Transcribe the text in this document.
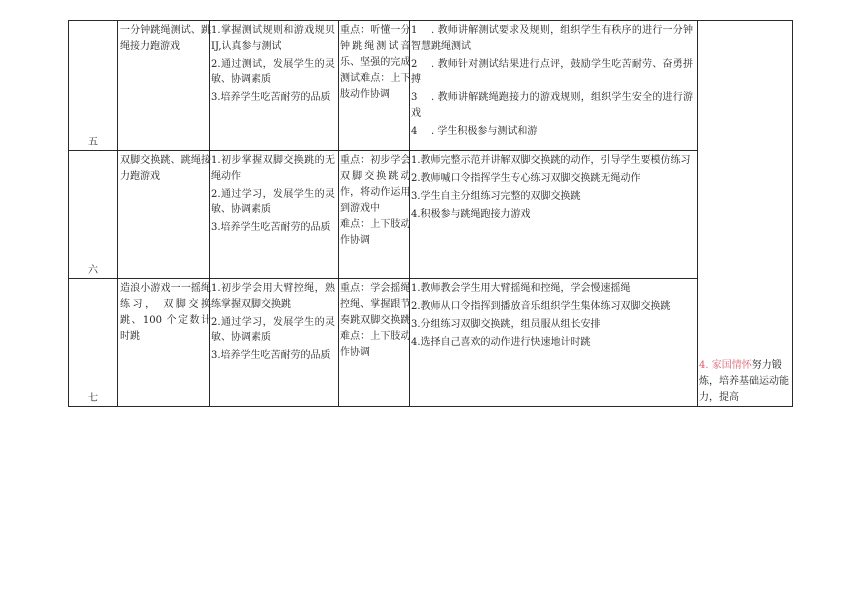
五
一分钟跳绳测试、跳绳接力跑游戏

1.掌握测试规则和游戏规贝IJ,认真参与测试

2.通过测试，发展学生的灵敏、协调素质

3.培养学生吃苦耐劳的品质

重点：听懂一分钟跳绳测试音乐、坚强的完成测试难点：上下肢动作协调

1 . 教师讲解测试要求及规则，组织学生有秩序的进行一分钟智慧跳绳测试

2 . 教师针对测试结果进行点评，鼓励学生吃苦耐劳、奋勇拼搏

3 . 教师讲解跳绳跑接力的游戏规则，组织学生安全的进行游戏

4 . 学生积极参与测试和游

六
双脚交换跳、跳绳接力跑游戏

1.初步掌握双脚交换跳的无绳动作

2.通过学习，发展学生的灵敏、协调素质

3.培养学生吃苦耐劳的品质

重点：初步学会双脚交换跳动作，将动作运用到游戏中

难点：上下肢动作协调

1.教师完整示范并讲解双脚交换跳的动作，引导学生要模仿练习

2.教师喊口令指挥学生专心练习双脚交换跳无绳动作

3.学生自主分组练习完整的双脚交换跳

4.积极参与跳绳跑接力游戏

七
造浪小游戏一一摇绳练习， 双脚交换跳、100 个定数计时跳

1.初步学会用大臂控绳，熟练掌握双脚交换跳

2.通过学习，发展学生的灵敏、协调素质

3.培养学生吃苦耐劳的品质

重点：学会摇绳控绳、掌握跟节奏跳双脚交换跳难点：上下肢动作协调

1.教师教会学生用大臂摇绳和控绳，学会慢速摇绳

2.教师从口令指挥到播放音乐组织学生集体练习双脚交换跳

3.分组练习双脚交换跳，组员服从组长安排

4.选择自己喜欢的动作进行快速地计时跳

4. 家国情怀努力锻炼，培养基础运动能力，提高
